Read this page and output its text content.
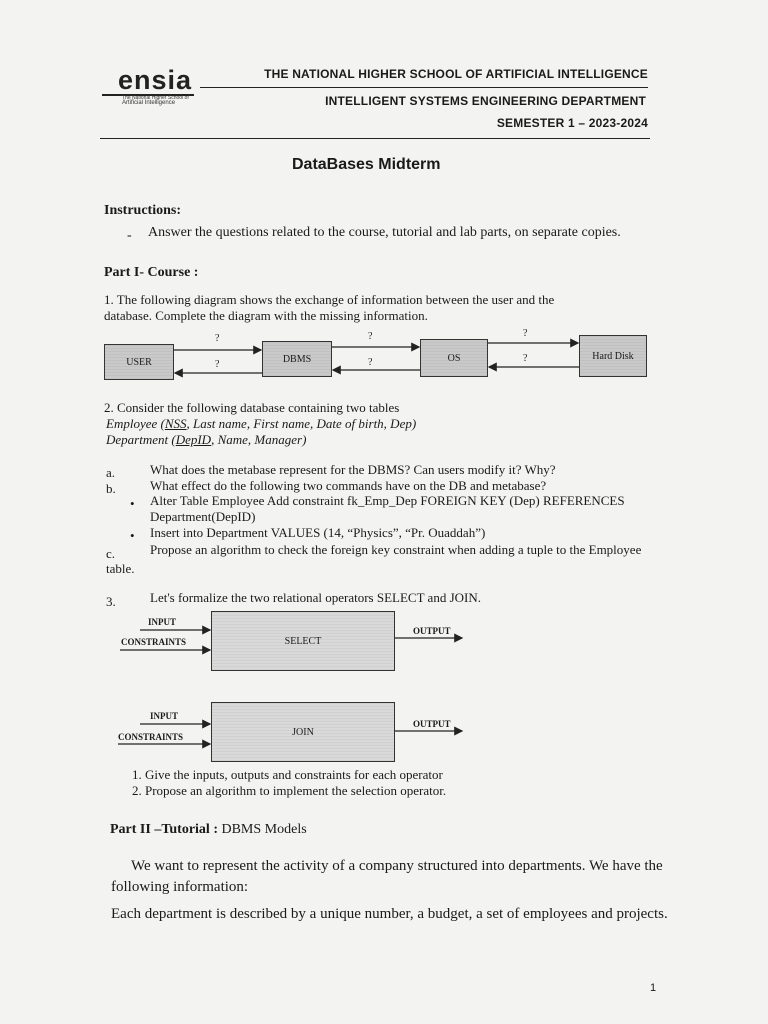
ensia
The National Higher School of
Artificial Intelligence
THE NATIONAL HIGHER SCHOOL OF ARTIFICIAL INTELLIGENCE
INTELLIGENT SYSTEMS ENGINEERING DEPARTMENT
SEMESTER 1 – 2023-2024
DataBases Midterm
Instructions:
- Answer the questions related to the course, tutorial and lab parts, on separate copies.
Part I- Course :
1. The following diagram shows the exchange of information between the user and the
database. Complete the diagram with the missing information.
USER	DBMS	OS	Hard Disk
?
?
?
?
?
?
2. Consider the following database containing two tables
Employee (NSS, Last name, First name, Date of birth, Dep)
Department (DepID, Name, Manager)
a.	What does the metabase represent for the DBMS? Can users modify it? Why?
b.	What effect do the following two commands have on the DB and metabase?
• Alter Table Employee Add constraint fk_Emp_Dep FOREIGN KEY (Dep) REFERENCES
Department(DepID)
• Insert into Department VALUES (14, “Physics”, “Pr. Ouaddah”)
c.	Propose an algorithm to check the foreign key constraint when adding a tuple to the Employee
table.
3.	Let's formalize the two relational operators SELECT and JOIN.
INPUT
CONSTRAINTS	SELECT
OUTPUT
INPUT
CONSTRAINTS	JOIN
OUTPUT
1. Give the inputs, outputs and constraints for each operator
2. Propose an algorithm to implement the selection operator.
Part II –Tutorial : DBMS Models
We want to represent the activity of a company structured into departments. We have the
following information:
Each department is described by a unique number, a budget, a set of employees and projects.
1
